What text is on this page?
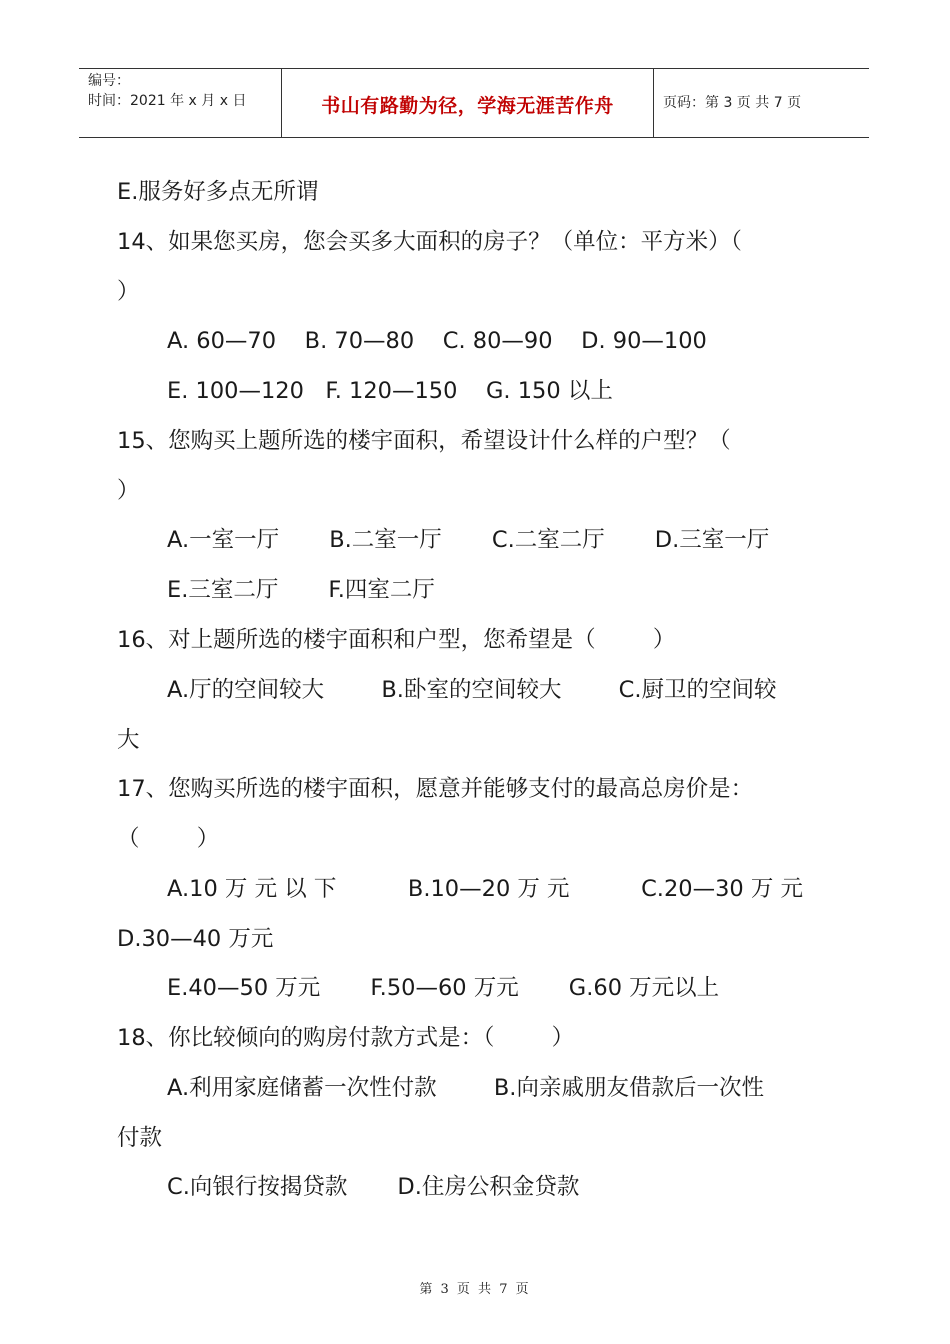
编号：
时间：2021 年 x 月 x 日	书山有路勤为径，学海无涯苦作舟	页码：第 3 页 共 7 页
E.服务好多点无所谓
14、如果您买房，您会买多大面积的房子？（单位：平方米）（
）
A. 60—70    B. 70—80    C. 80—90    D. 90—100
E. 100—120   F. 120—150    G. 150 以上
15、您购买上题所选的楼宇面积，希望设计什么样的户型？（
）
A.一室一厅       B.二室一厅       C.二室二厅       D.三室一厅
E.三室二厅       F.四室二厅
16、对上题所选的楼宇面积和户型，您希望是（        ）
A.厅的空间较大        B.卧室的空间较大        C.厨卫的空间较
大
17、您购买所选的楼宇面积，愿意并能够支付的最高总房价是：
（        ）
A.10 万 元 以 下          B.10—20 万 元          C.20—30 万 元
D.30—40 万元
E.40—50 万元       F.50—60 万元       G.60 万元以上
18、你比较倾向的购房付款方式是：（        ）
A.利用家庭储蓄一次性付款        B.向亲戚朋友借款后一次性
付款
C.向银行按揭贷款       D.住房公积金贷款
第 3 页 共 7 页
